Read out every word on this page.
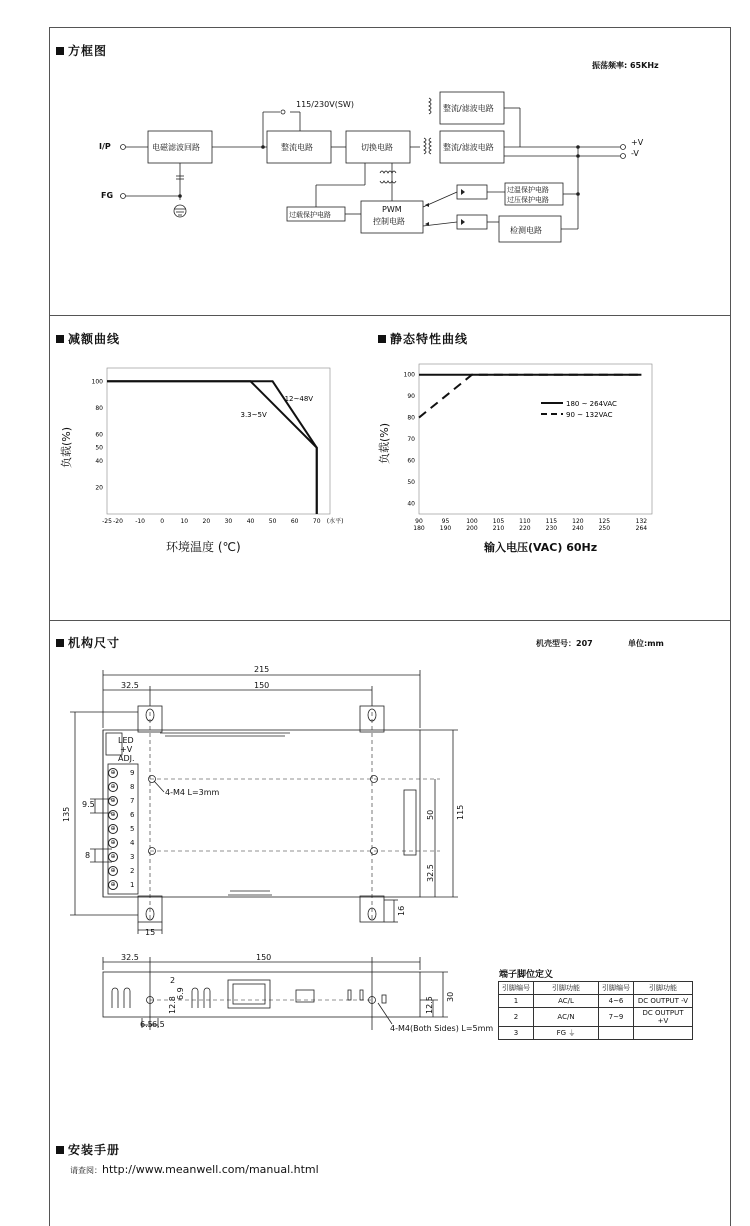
方框图
振荡频率: 65KHz
I/P
FG
电磁滤波回路
115/230V(SW)
整流电路	切换电路
整流/滤波电路
整流/滤波电路
+V
-V
过载保护电路
PWM
控制电路
过温保护电路
过压保护电路
检测电路
减额曲线	静态特性曲线
-25 -20 -10	0	10 20 30 40 50 60 70
100
80
60
50
40
20
(水平)
12~48V
3.3~5V
负载(%)
环境温度 (℃)
90	95	100	105	110	115	120	125	132
180	190	200	210	220	230	240	250	264
100
90
80
70
60
50
40
180 ~ 264VAC
90 ~ 132VAC
负载(%)
输入电压(VAC) 60Hz
机构尺寸	机壳型号：207	单位:mm
215
32.5	150
135	115
50
32.5
9.5
8
15
16
LED
+V
ADJ.
4-M4 L=3mm
⊕	9
⊕	8
⊕	7
⊕	6
⊕	5
⊕	4
⊕	3
⊕	2
⊕	1
32.5	150
2
12.8
6.9
6.5 6.5
12.5 30
4-M4(Both Sides) L=5mm
端子脚位定义
引脚编号	引脚功能	引脚编号	引脚功能
1	AC/L	4~6	DC OUTPUT -V
2	AC/N	7~9	DC OUTPUT +V
3	FG ⏚		
安装手册
请查阅：http://www.meanwell.com/manual.html
